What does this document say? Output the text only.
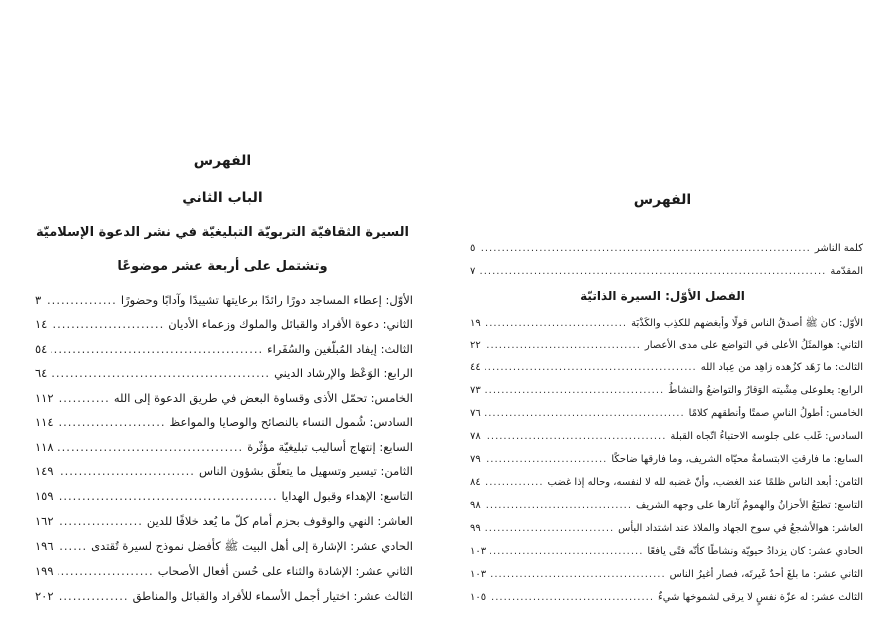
الفهرس
الباب الثاني
السيرة الثقافيّة التربويّة التبليغيّة في نشر الدعوة الإسلاميّة
وتشتمل على أربعة عشر موضوعًا
الأوّل: إعطاء المساجد دورًا رائدًا برعايتها تشييدًا وآدابًا وحضورًا
.....
٣
الثاني: دعوة الأفراد والقبائل والملوك وزعماء الأديان
.....
١٤
الثالث: إيفاد المُبلّغين والسُفَراء
.....
٥٤
الرابع: الوَعْظ والإرشاد الديني
.....
٦٤
الخامس: تحمّل الأذى وقساوة البعض في طريق الدعوة إلى الله
.....
١١٢
السادس: شُمول النساء بالنصائح والوصايا والمواعظ
.....
١١٤
السابع: إنتهاج أساليب تبليغيّة مؤثّرة
.....
١١٨
الثامن: تيسير وتسهيل ما يتعلّق بشؤون الناس
.....
١٤٩
التاسع: الإهداء وقبول الهدايا
.....
١٥٩
العاشر: النهي والوقوف بحزم أمام كلّ ما يُعد خلافًا للدين
.....
١٦٢
الحادي عشر: الإشارة إلى أهل البيت ﷺ كأفضل نموذج لسيرة تُقتدى
.....
١٩٦
الثاني عشر: الإشادة والثناء على حُسن أفعال الأصحاب
.....
١٩٩
الثالث عشر: اختيار أجمل الأسماء للأفراد والقبائل والمناطق
.....
٢٠٢
الفهرس
كلمة الناشر
.....
٥
المقدّمة
.....
٧
الفصل الأوّل: السيرة الذاتيّة
الأوّل: كان ﷺ أصدقُ الناس قولًا وأبغضهم للكذِب والكَذْبَة
.....
١٩
الثاني: هوالمثَلُ الأعلى في التواضع على مدى الأعصار
.....
٢٢
الثالث: ما زَهَد كزُهده زاهِد من عِباد الله
.....
٤٤
الرابع: يعلوعلى مِشْيته الوَقارُ والتواضعُ والنشاطُ
.....
٧٣
الخامس: أطولُ الناسِ صمتًا وأنطقهم كلامًا
.....
٧٦
السادس: غَلب على جلوسه الاحتباءُ اتّجاه القبلة
.....
٧٨
السابع: ما فارقتِ الابتسامةُ محيّاه الشريف، وما فارقها ضاحكًا
.....
٧٩
الثامن: أبعد الناس ظلمًا عند الغضب، وأنّ غضبه لله لا لنفسه، وحاله إذا غضب
.....
٨٤
التاسع: تطبَعُ الأحزانُ والهمومُ آثارها على وجهه الشريف
.....
٩٨
العاشر: هوالأشجعُ في سوح الجهاد والملاذ عند اشتداد البأس
.....
٩٩
الحادي عشر: كان يزدادُ حيويّة ونشاطًا كأنّه فتًى يافعًا
.....
١٠٣
الثاني عشر: ما بلغَ أحدٌ غَيرتَه، فصار أغيرُ الناس
.....
١٠٣
الثالث عشر: له عزّة نفسٍ لا يرقى لشموخها شيءٌ
.....
١٠٥
